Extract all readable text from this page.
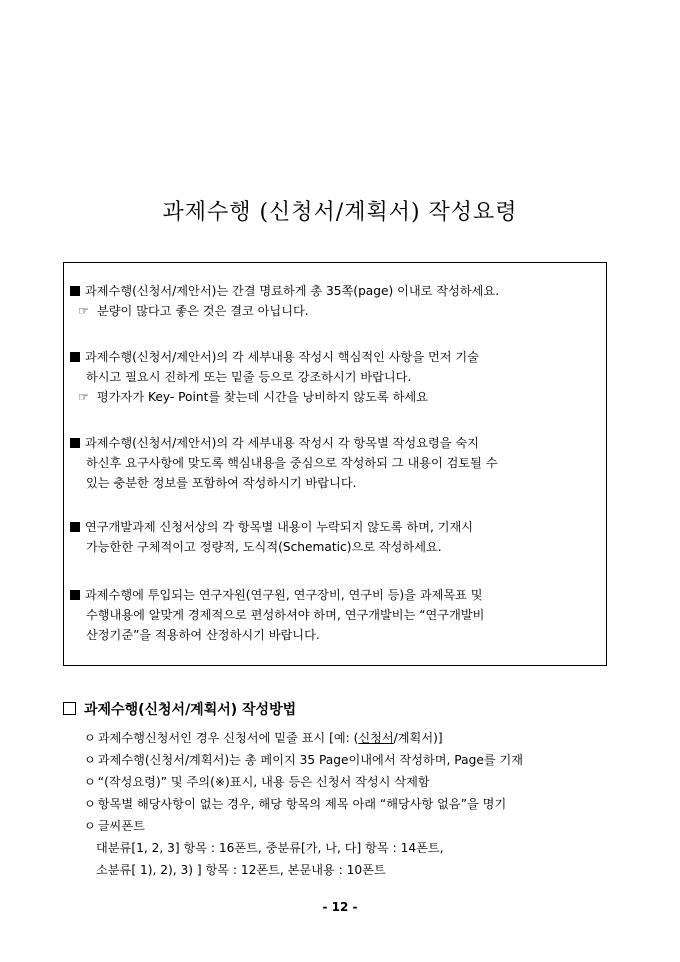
과제수행 (신청서/계획서) 작성요령
과제수행(신청서/제안서)는 간결 명료하게 총 35쪽(page) 이내로 작성하세요.
☞ 분량이 많다고 좋은 것은 결코 아닙니다.
과제수행(신청서/제안서)의 각 세부내용 작성시 핵심적인 사항을 먼저 기술
하시고 필요시 진하게 또는 밑줄 등으로 강조하시기 바랍니다.
☞ 평가자가 Key- Point를 찾는데 시간을 낭비하지 않도록 하세요
과제수행(신청서/제안서)의 각 세부내용 작성시 각 항목별 작성요령을 숙지
하신후 요구사항에 맞도록 핵심내용을 중심으로 작성하되 그 내용이 검토될 수
있는 충분한 정보를 포함하여 작성하시기 바랍니다.
연구개발과제 신청서상의 각 항목별 내용이 누락되지 않도록 하며, 기재시
가능한한 구체적이고 정량적, 도식적(Schematic)으로 작성하세요.
과제수행에 투입되는 연구자원(연구원, 연구장비, 연구비 등)을 과제목표 및
수행내용에 알맞게 경제적으로 편성하셔야 하며, 연구개발비는 “연구개발비
산정기준”을 적용하여 산정하시기 바랍니다.
과제수행(신청서/계획서) 작성방법
ㅇ 과제수행신청서인 경우 신청서에 밑줄 표시 [예: (신청서/계획서)]
ㅇ 과제수행(신청서/계획서)는 총 페이지 35 Page이내에서 작성하며, Page를 기재
ㅇ “(작성요령)” 및 주의(※)표시, 내용 등은 신청서 작성시 삭제함
ㅇ 항목별 해당사항이 없는 경우, 해당 항목의 제목 아래 “해당사항 없음”을 명기
ㅇ 글씨폰트
대분류[1, 2, 3] 항목 : 16폰트, 중분류[가, 나, 다] 항목 : 14폰트,
소분류[ 1), 2), 3) ] 항목 : 12폰트, 본문내용 : 10폰트
- 12 -
